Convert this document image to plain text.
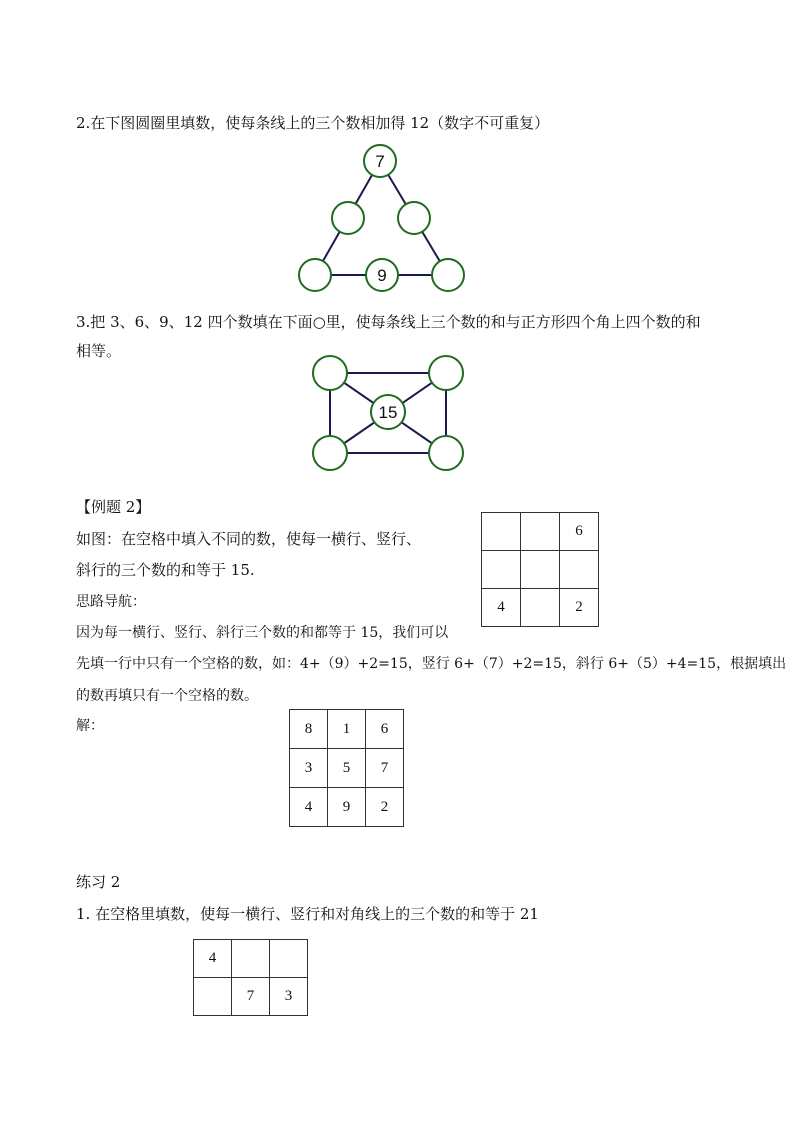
2.在下图圆圈里填数，使每条线上的三个数相加得 12（数字不可重复）
7
9
3.把 3、6、9、12 四个数填在下面○里，使每条线上三个数的和与正方形四个角上四个数的和
相等。
15
【例题 2】
如图：在空格中填入不同的数，使每一横行、竖行、
斜行的三个数的和等于 15.
思路导航：
因为每一横行、竖行、斜行三个数的和都等于 15，我们可以
先填一行中只有一个空格的数，如：4+（9）+2=15，竖行 6+（7）+2=15，斜行 6+（5）+4=15，根据填出
的数再填只有一个空格的数。
解：
		6

4		2
8	1	6
3	5	7
4	9	2
练习 2
1. 在空格里填数，使每一横行、竖行和对角线上的三个数的和等于 21
4		
	7	3
